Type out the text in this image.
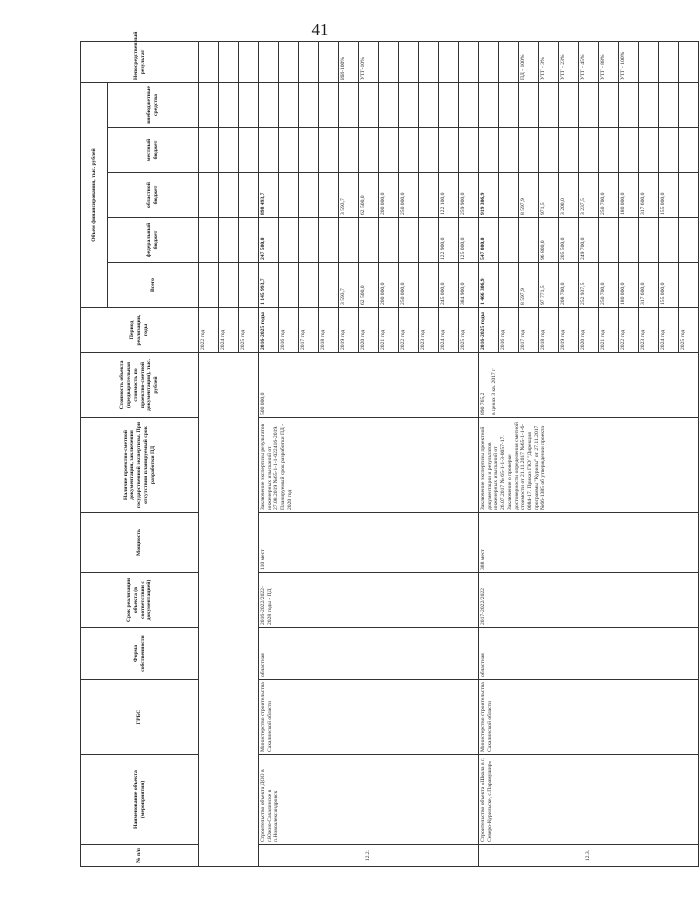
41
№ п/п	Наименование объекта (мероприятия)	ГРБС	Форма собственности	Срок реализации объекта (в соответствии с документацией)	Мощность	Наличие проектно-сметной документации, заключения государственной экспертизы. При отсутствии планируемый срок разработки ПД	Стоимость объекта (предварительная стоимость по проектно-сметной документации), тыс. рублей	Период реализации, годы	Объем финансирования, тыс. рублей					Непосредственный результат
									Всего	федеральный бюджет	областной бюджет	местный бюджет	внебюджетные средства	
								2022 год						
								2024 год						
								2025 год						
12.2.	Строительство объекта ДОО в г.Южно-Сахалинске в п.Новоалександровск	Министерство строительства Сахалинской области	областная	2016-2022/2022-2028 годы - ПД	110 мест	Заключение экспертизы результатов инженерных изысканий от 27.08.2019 №65-1-1-1-022416-2019. Планируемый срок разработки ПД - 2020 год	500 000,0	2016-2025 годы	1 145 993,7	247 500,0	898 493,7			
								2016 год						
								2017 год						
								2018 год						
								2019 год	3 593,7		3 593,7			ИИ-100%
								2020 год	62 500,0		62 500,0			УТГ-10%
								2021 год	200 000,0		200 000,0			
								2022 год	250 000,0		250 000,0			
								2023 год						
								2024 год	245 000,0	122 900,0	122 100,0			
								2025 год	384 900,0	125 000,0	259 900,0			
12.3.	Строительство объекта «Школа в г. Северо-Курильске, с.Парамушир»	Министерство строительства Сахалинской области	областная	2017-2022/2022	388 мест	Заключение экспертизы проектной документации и результатов инженерных изысканий от 26.07.2017 № 65-1-1-3-0057-17. Заключение о проверке достоверности определения сметной стоимости от 21.11.2017 №65-1-1-6-0084-17. Приказ ГКУ "Дирекция программы "Курилы" от 27.11.2017 №66-1385 об утверждении проекта	890 765,2 в ценах 3 кв. 2017 г	2016-2025 годы	1 466 306,9	547 000,0	919 306,9			
								2016 год						
								2017 год	8 597,9		8 597,9			ПД - 100%
								2018 год	97 771,5	96 800,0	971,5			УТГ - 3%
								2019 год	208 700,0	205 500,0	3 200,0			УТГ - 23%
								2020 год	252 937,5	249 700,0	3 237,5			УТГ - 45%
								2021 год	250 700,0		250 700,0			УТГ - 88%
								2022 год	180 000,0		180 000,0			УТГ - 100%
								2023 год	317 600,0		317 600,0			
								2024 год	155 000,0		155 000,0			
								2025 год						
